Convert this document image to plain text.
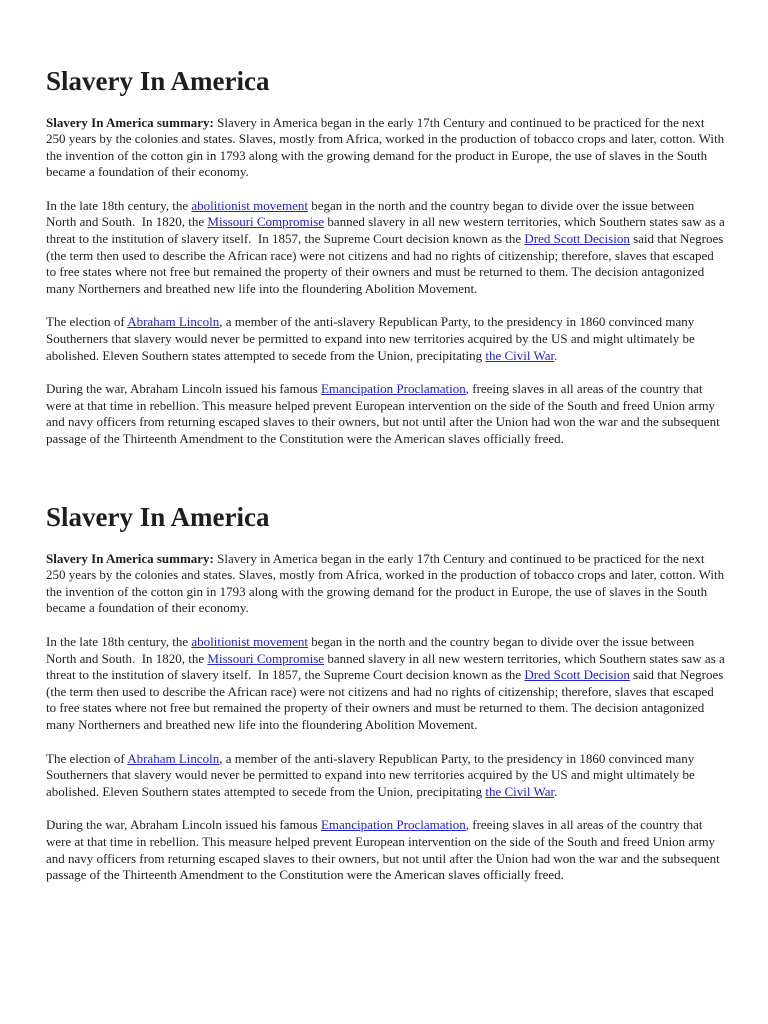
Slavery In America

Slavery In America summary: Slavery in America began in the early 17th Century and continued to be practiced for the next 250 years by the colonies and states. Slaves, mostly from Africa, worked in the production of tobacco crops and later, cotton. With the invention of the cotton gin in 1793 along with the growing demand for the product in Europe, the use of slaves in the South became a foundation of their economy.

In the late 18th century, the abolitionist movement began in the north and the country began to divide over the issue between North and South.  In 1820, the Missouri Compromise banned slavery in all new western territories, which Southern states saw as a threat to the institution of slavery itself.  In 1857, the Supreme Court decision known as the Dred Scott Decision said that Negroes (the term then used to describe the African race) were not citizens and had no rights of citizenship; therefore, slaves that escaped to free states where not free but remained the property of their owners and must be returned to them. The decision antagonized many Northerners and breathed new life into the floundering Abolition Movement.

The election of Abraham Lincoln, a member of the anti-slavery Republican Party, to the presidency in 1860 convinced many Southerners that slavery would never be permitted to expand into new territories acquired by the US and might ultimately be abolished. Eleven Southern states attempted to secede from the Union, precipitating the Civil War.

During the war, Abraham Lincoln issued his famous Emancipation Proclamation, freeing slaves in all areas of the country that were at that time in rebellion. This measure helped prevent European intervention on the side of the South and freed Union army and navy officers from returning escaped slaves to their owners, but not until after the Union had won the war and the subsequent passage of the Thirteenth Amendment to the Constitution were the American slaves officially freed.

Slavery In America

Slavery In America summary: Slavery in America began in the early 17th Century and continued to be practiced for the next 250 years by the colonies and states. Slaves, mostly from Africa, worked in the production of tobacco crops and later, cotton. With the invention of the cotton gin in 1793 along with the growing demand for the product in Europe, the use of slaves in the South became a foundation of their economy.

In the late 18th century, the abolitionist movement began in the north and the country began to divide over the issue between North and South.  In 1820, the Missouri Compromise banned slavery in all new western territories, which Southern states saw as a threat to the institution of slavery itself.  In 1857, the Supreme Court decision known as the Dred Scott Decision said that Negroes (the term then used to describe the African race) were not citizens and had no rights of citizenship; therefore, slaves that escaped to free states where not free but remained the property of their owners and must be returned to them. The decision antagonized many Northerners and breathed new life into the floundering Abolition Movement.

The election of Abraham Lincoln, a member of the anti-slavery Republican Party, to the presidency in 1860 convinced many Southerners that slavery would never be permitted to expand into new territories acquired by the US and might ultimately be abolished. Eleven Southern states attempted to secede from the Union, precipitating the Civil War.

During the war, Abraham Lincoln issued his famous Emancipation Proclamation, freeing slaves in all areas of the country that were at that time in rebellion. This measure helped prevent European intervention on the side of the South and freed Union army and navy officers from returning escaped slaves to their owners, but not until after the Union had won the war and the subsequent passage of the Thirteenth Amendment to the Constitution were the American slaves officially freed.
